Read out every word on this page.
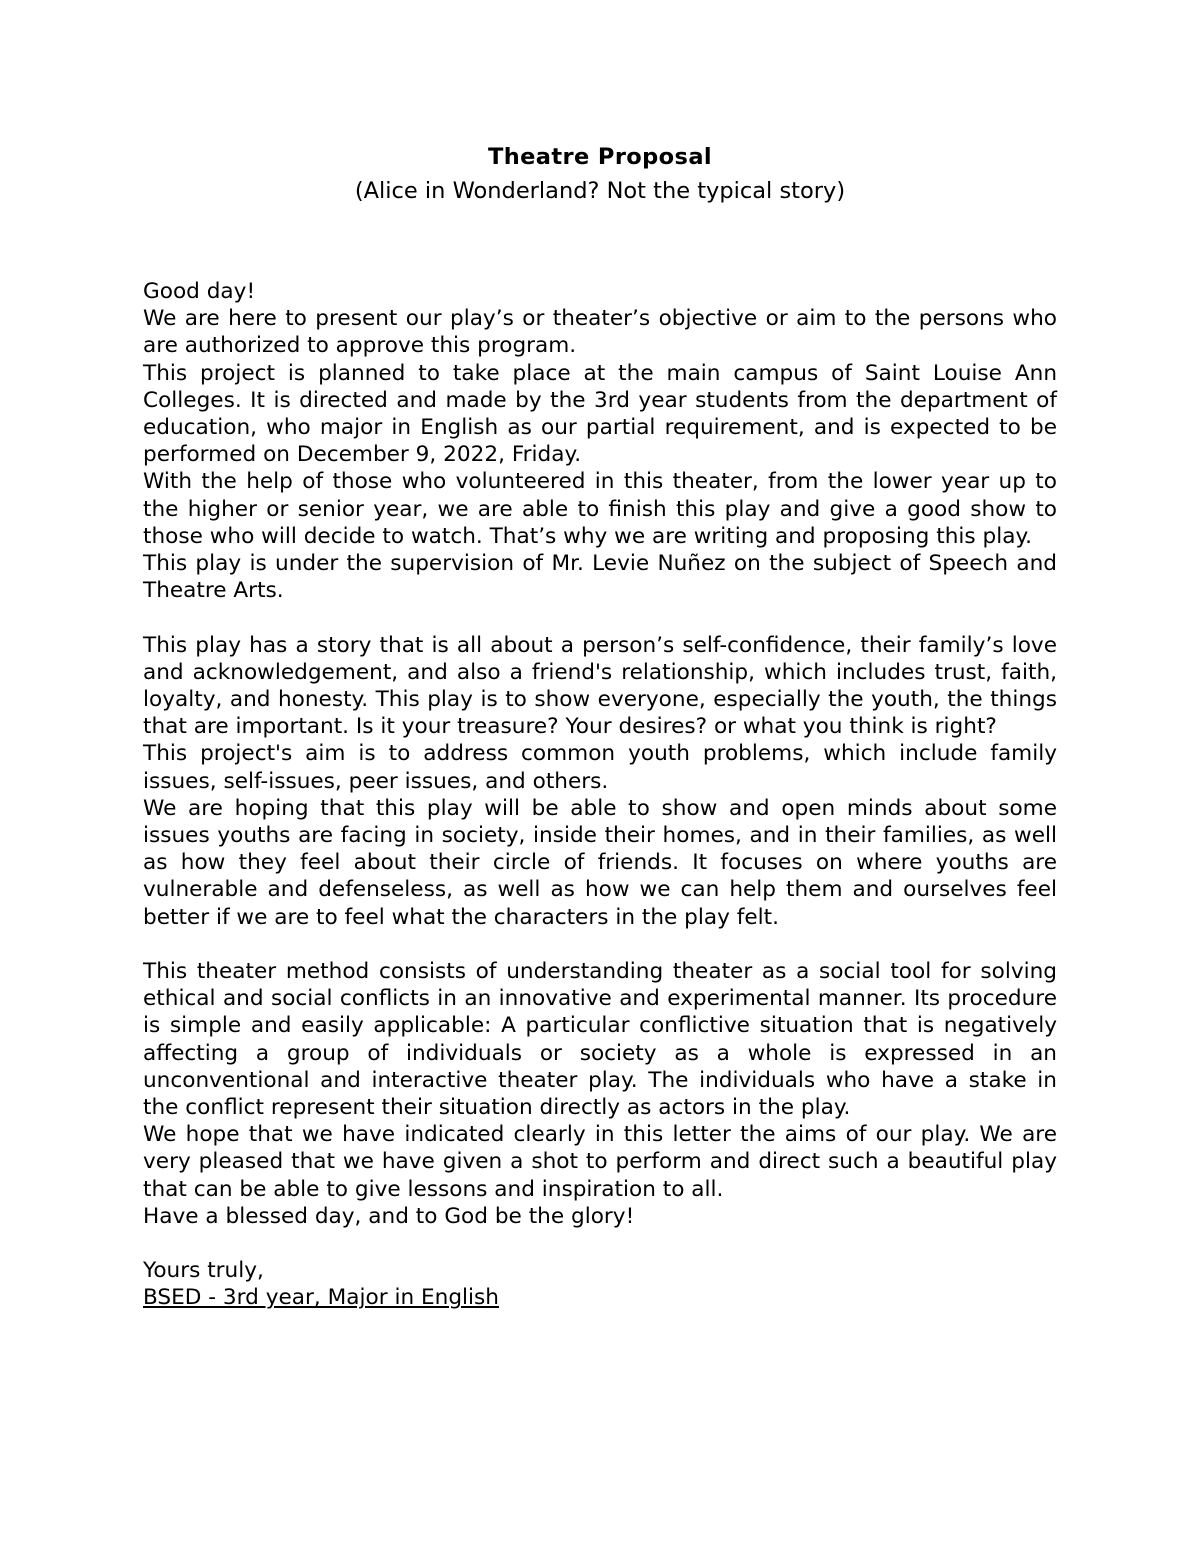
Theatre Proposal

(Alice in Wonderland? Not the typical story)

Good day!

We are here to present our play’s or theater’s objective or aim to the persons who are authorized to approve this program.

This project is planned to take place at the main campus of Saint Louise Ann Colleges. It is directed and made by the 3rd year students from the department of education, who major in English as our partial requirement, and is expected to be performed on December 9, 2022, Friday.

With the help of those who volunteered in this theater, from the lower year up to the higher or senior year, we are able to finish this play and give a good show to those who will decide to watch. That’s why we are writing and proposing this play.

This play is under the supervision of Mr. Levie Nuñez on the subject of Speech and Theatre Arts.

This play has a story that is all about a person’s self-confidence, their family’s love and acknowledgement, and also a friend's relationship, which includes trust, faith, loyalty, and honesty. This play is to show everyone, especially the youth, the things that are important. Is it your treasure? Your desires? or what you think is right?

This project's aim is to address common youth problems, which include family issues, self-issues, peer issues, and others.

We are hoping that this play will be able to show and open minds about some issues youths are facing in society, inside their homes, and in their families, as well as how they feel about their circle of friends. It focuses on where youths are vulnerable and defenseless, as well as how we can help them and ourselves feel better if we are to feel what the characters in the play felt.

This theater method consists of understanding theater as a social tool for solving ethical and social conflicts in an innovative and experimental manner. Its procedure is simple and easily applicable: A particular conflictive situation that is negatively affecting a group of individuals or society as a whole is expressed in an unconventional and interactive theater play. The individuals who have a stake in the conflict represent their situation directly as actors in the play.

We hope that we have indicated clearly in this letter the aims of our play. We are very pleased that we have given a shot to perform and direct such a beautiful play that can be able to give lessons and inspiration to all.

Have a blessed day, and to God be the glory!

Yours truly,

BSED - 3rd year, Major in English
